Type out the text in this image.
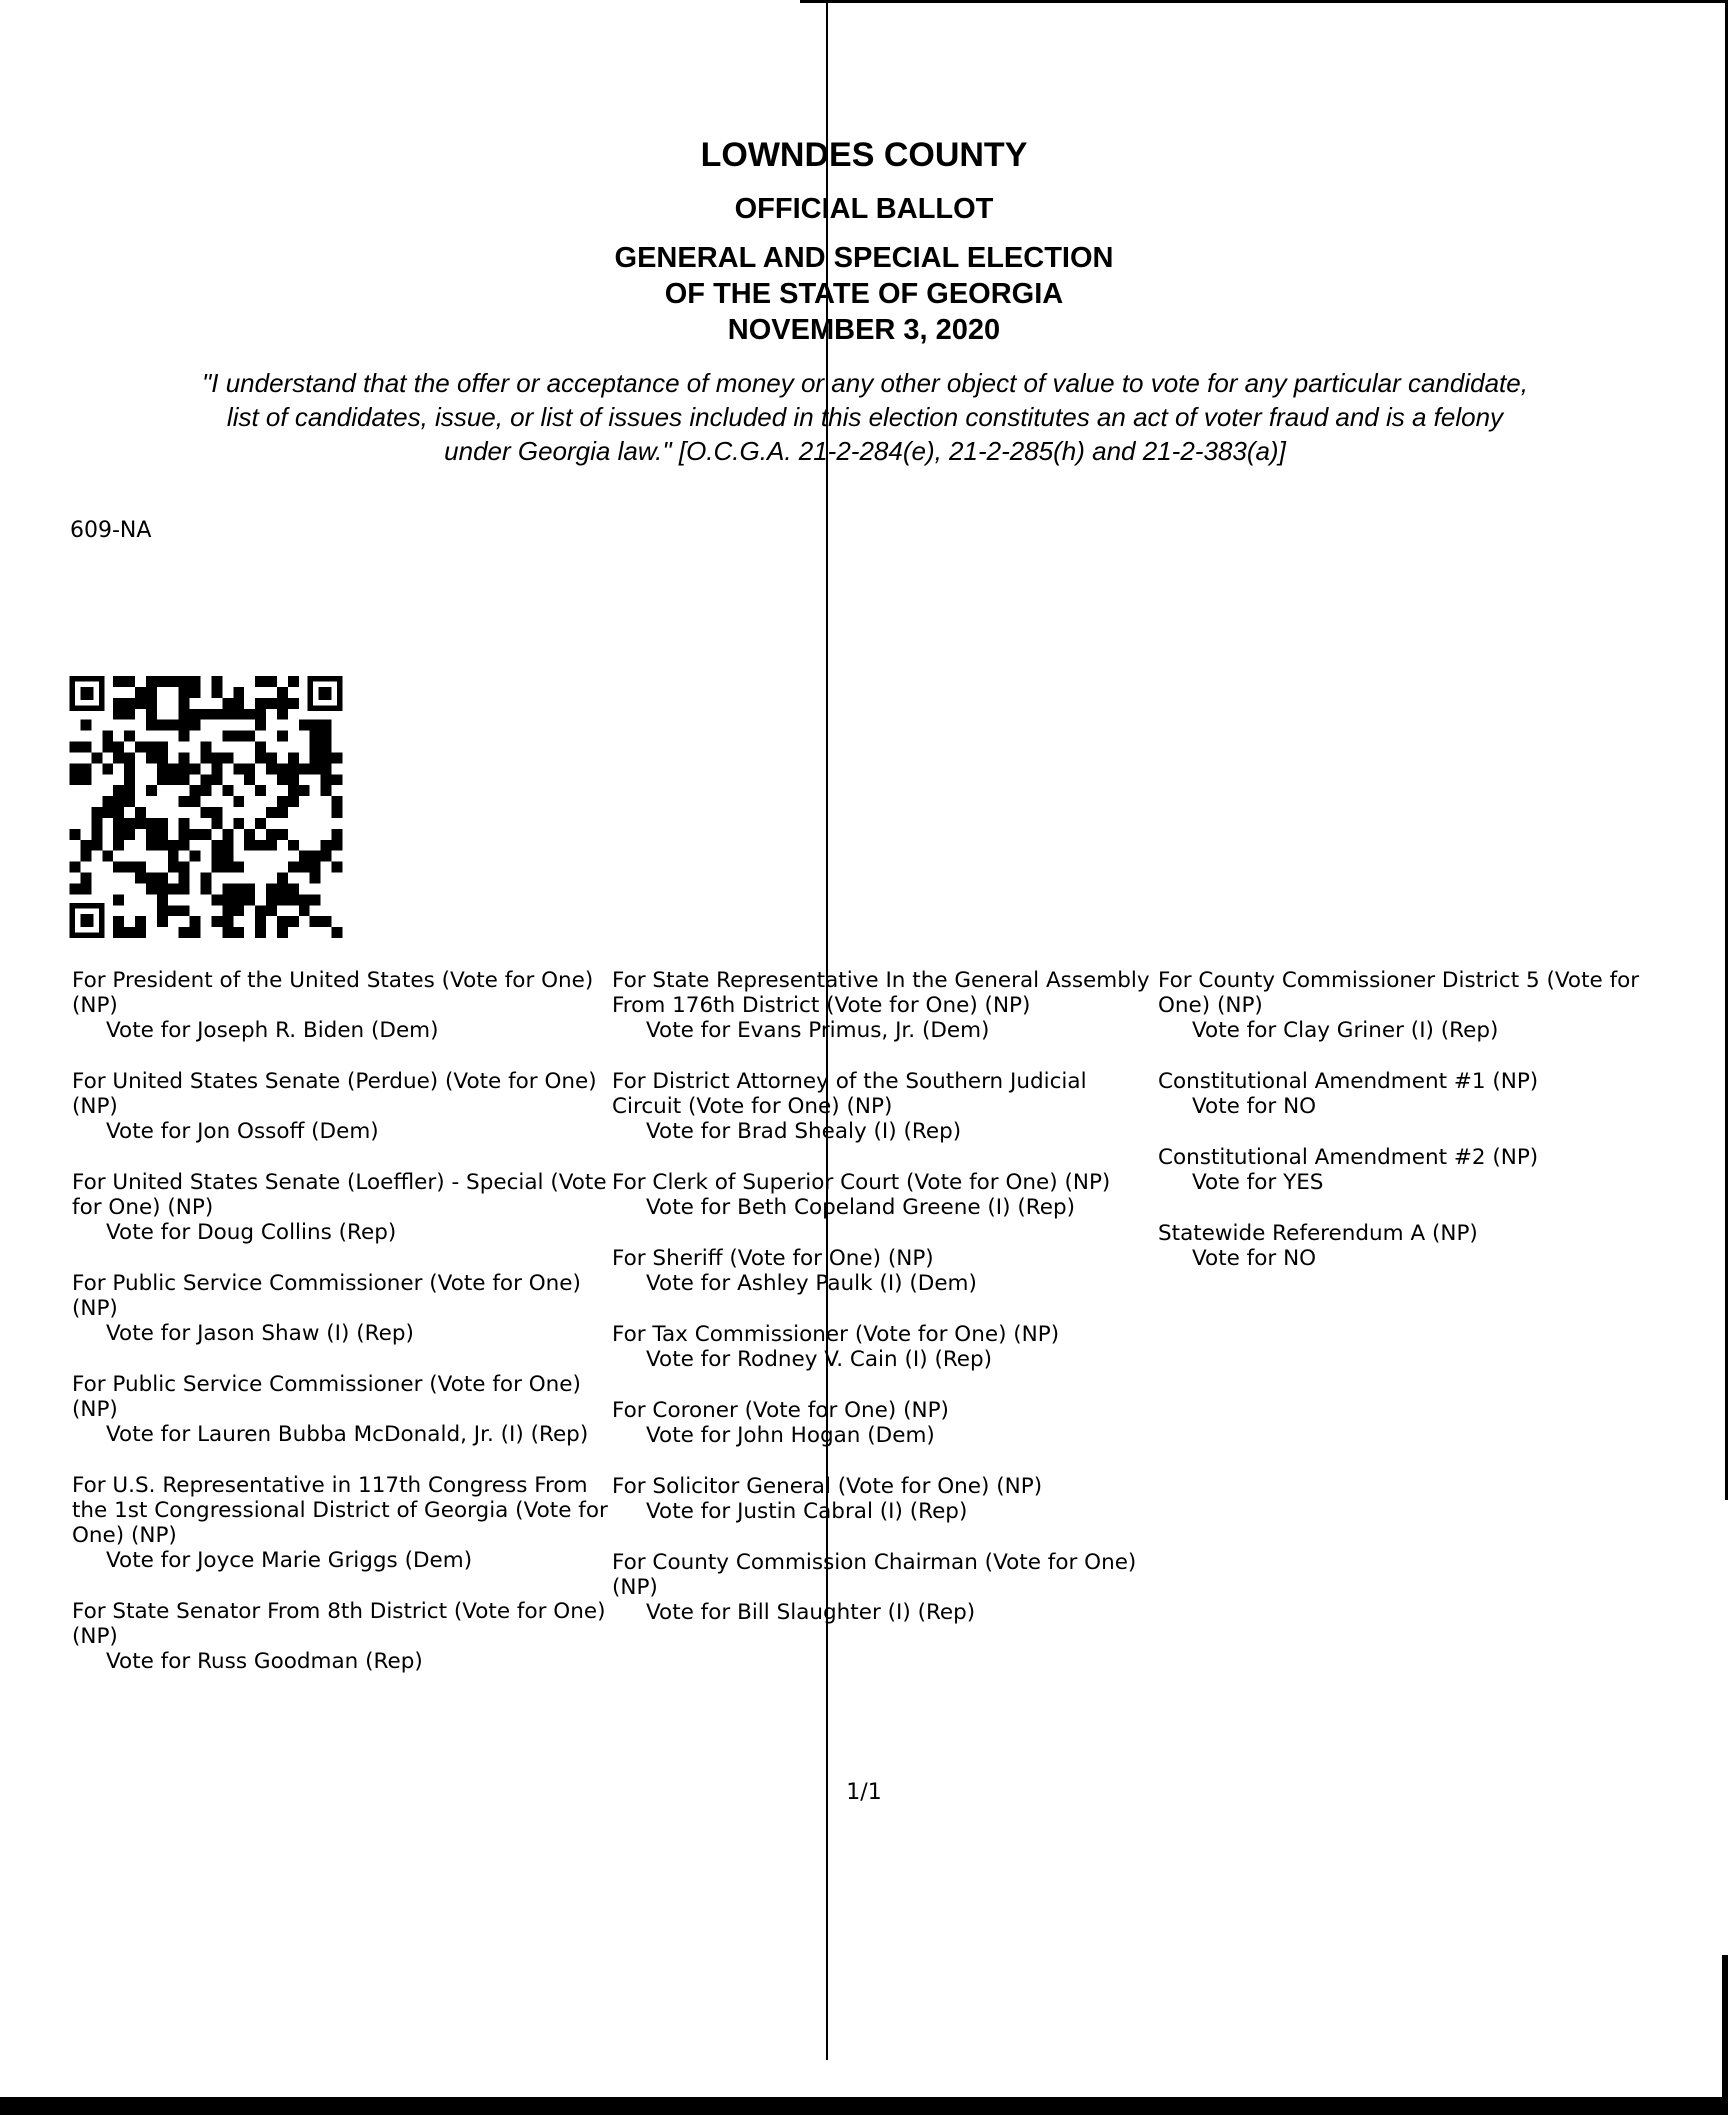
LOWNDES COUNTY
OFFICIAL BALLOT
GENERAL AND SPECIAL ELECTION
OF THE STATE OF GEORGIA
NOVEMBER 3, 2020
"I understand that the offer or acceptance of money or any other object of value to vote for any particular candidate,
list of candidates, issue, or list of issues included in this election constitutes an act of voter fraud and is a felony
under Georgia law." [O.C.G.A. 21-2-284(e), 21-2-285(h) and 21-2-383(a)]
609-NA
For President of the United States (Vote for One) (NP)
Vote for Joseph R. Biden (Dem)
For United States Senate (Perdue) (Vote for One) (NP)
Vote for Jon Ossoff (Dem)
For United States Senate (Loeffler) - Special (Vote for One) (NP)
Vote for Doug Collins (Rep)
For Public Service Commissioner (Vote for One) (NP)
Vote for Jason Shaw (I) (Rep)
For Public Service Commissioner (Vote for One) (NP)
Vote for Lauren Bubba McDonald, Jr. (I) (Rep)
For U.S. Representative in 117th Congress From the 1st Congressional District of Georgia (Vote for One) (NP)
Vote for Joyce Marie Griggs (Dem)
For State Senator From 8th District (Vote for One) (NP)
Vote for Russ Goodman (Rep)
For State Representative In the General Assembly From 176th District (Vote for One) (NP)
Vote for Evans Primus, Jr. (Dem)
For District Attorney of the Southern Judicial Circuit (Vote for One) (NP)
Vote for Brad Shealy (I) (Rep)
For Clerk of Superior Court (Vote for One) (NP)
Vote for Beth Copeland Greene (I) (Rep)
For Sheriff (Vote for One) (NP)
Vote for Ashley Paulk (I) (Dem)
For Tax Commissioner (Vote for One) (NP)
Vote for Rodney V. Cain (I) (Rep)
For Coroner (Vote for One) (NP)
Vote for John Hogan (Dem)
For Solicitor General (Vote for One) (NP)
Vote for Justin Cabral (I) (Rep)
For County Commission Chairman (Vote for One) (NP)
Vote for Bill Slaughter (I) (Rep)
For County Commissioner District 5 (Vote for One) (NP)
Vote for Clay Griner (I) (Rep)
Constitutional Amendment #1 (NP)
Vote for NO
Constitutional Amendment #2 (NP)
Vote for YES
Statewide Referendum A (NP)
Vote for NO
1/1
